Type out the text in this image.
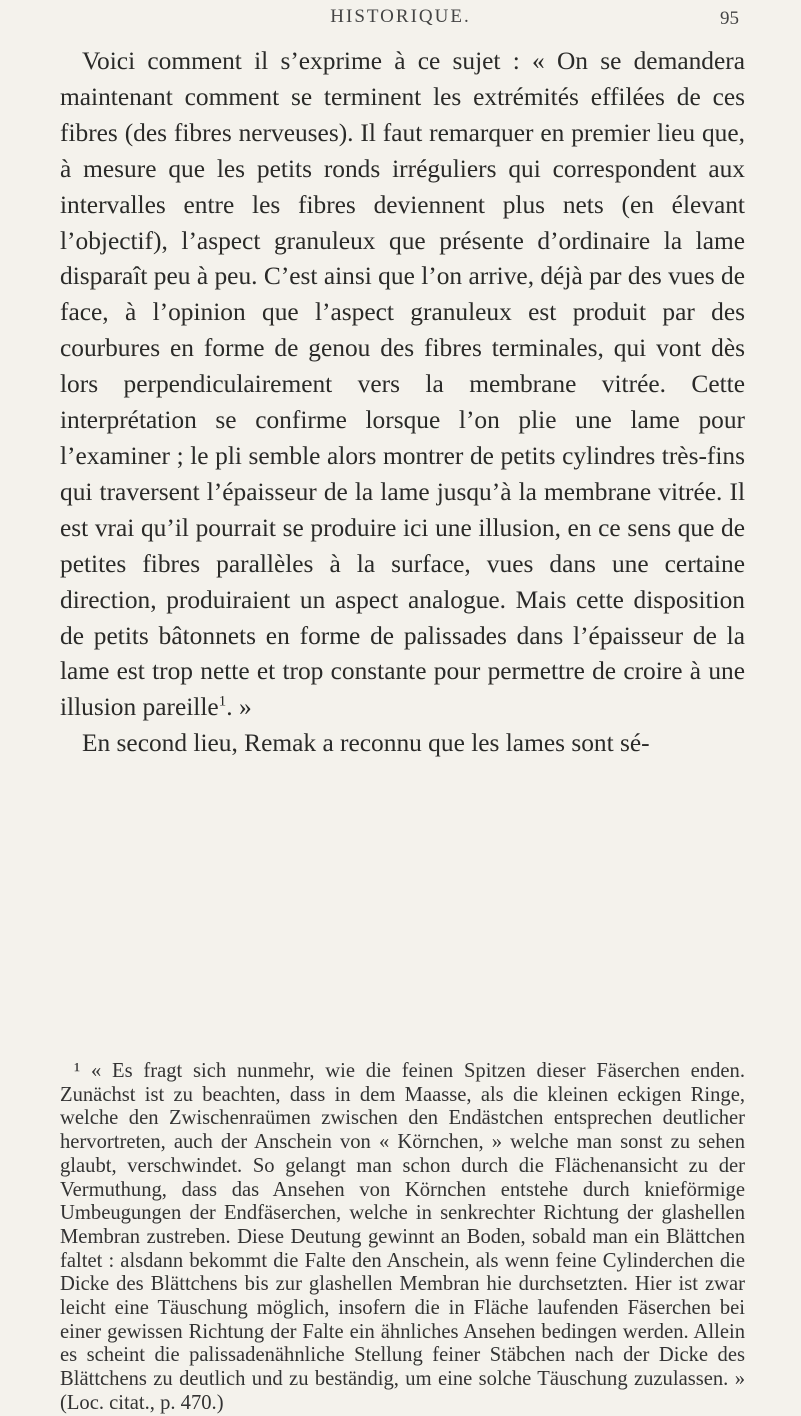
HISTORIQUE.	95

Voici comment il s’exprime à ce sujet : « On se demandera maintenant comment se terminent les extrémités effilées de ces fibres (des fibres nerveuses). Il faut remarquer en premier lieu que, à mesure que les petits ronds irréguliers qui correspondent aux intervalles entre les fibres deviennent plus nets (en élevant l’objectif), l’aspect granuleux que présente d’ordinaire la lame disparaît peu à peu. C’est ainsi que l’on arrive, déjà par des vues de face, à l’opinion que l’aspect granuleux est produit par des courbures en forme de genou des fibres terminales, qui vont dès lors perpendiculairement vers la membrane vitrée. Cette interprétation se confirme lorsque l’on plie une lame pour l’examiner ; le pli semble alors montrer de petits cylindres très-fins qui traversent l’épaisseur de la lame jusqu’à la membrane vitrée. Il est vrai qu’il pourrait se produire ici une illusion, en ce sens que de petites fibres parallèles à la surface, vues dans une certaine direction, produiraient un aspect analogue. Mais cette disposition de petits bâtonnets en forme de palissades dans l’épaisseur de la lame est trop nette et trop constante pour permettre de croire à une illusion pareille$^1$. »

En second lieu, Remak a reconnu que les lames sont sé-

¹ « Es fragt sich nunmehr, wie die feinen Spitzen dieser Fäserchen enden. Zunächst ist zu beachten, dass in dem Maasse, als die kleinen eckigen Ringe, welche den Zwischenraümen zwischen den Endästchen entsprechen deutlicher hervortreten, auch der Anschein von « Körnchen, » welche man sonst zu sehen glaubt, verschwindet. So gelangt man schon durch die Flächenansicht zu der Vermuthung, dass das Ansehen von Körnchen entstehe durch knieförmige Umbeugungen der Endfäserchen, welche in senkrechter Richtung der glashellen Membran zustreben. Diese Deutung gewinnt an Boden, sobald man ein Blättchen faltet : alsdann bekommt die Falte den Anschein, als wenn feine Cylinderchen die Dicke des Blättchens bis zur glashellen Membran hie durchsetzten. Hier ist zwar leicht eine Täuschung möglich, insofern die in Fläche laufenden Fäserchen bei einer gewissen Richtung der Falte ein ähnliches Ansehen bedingen werden. Allein es scheint die palissadenähnliche Stellung feiner Stäbchen nach der Dicke des Blättchens zu deutlich und zu beständig, um eine solche Täuschung zuzulassen. » (Loc. citat., p. 470.)
